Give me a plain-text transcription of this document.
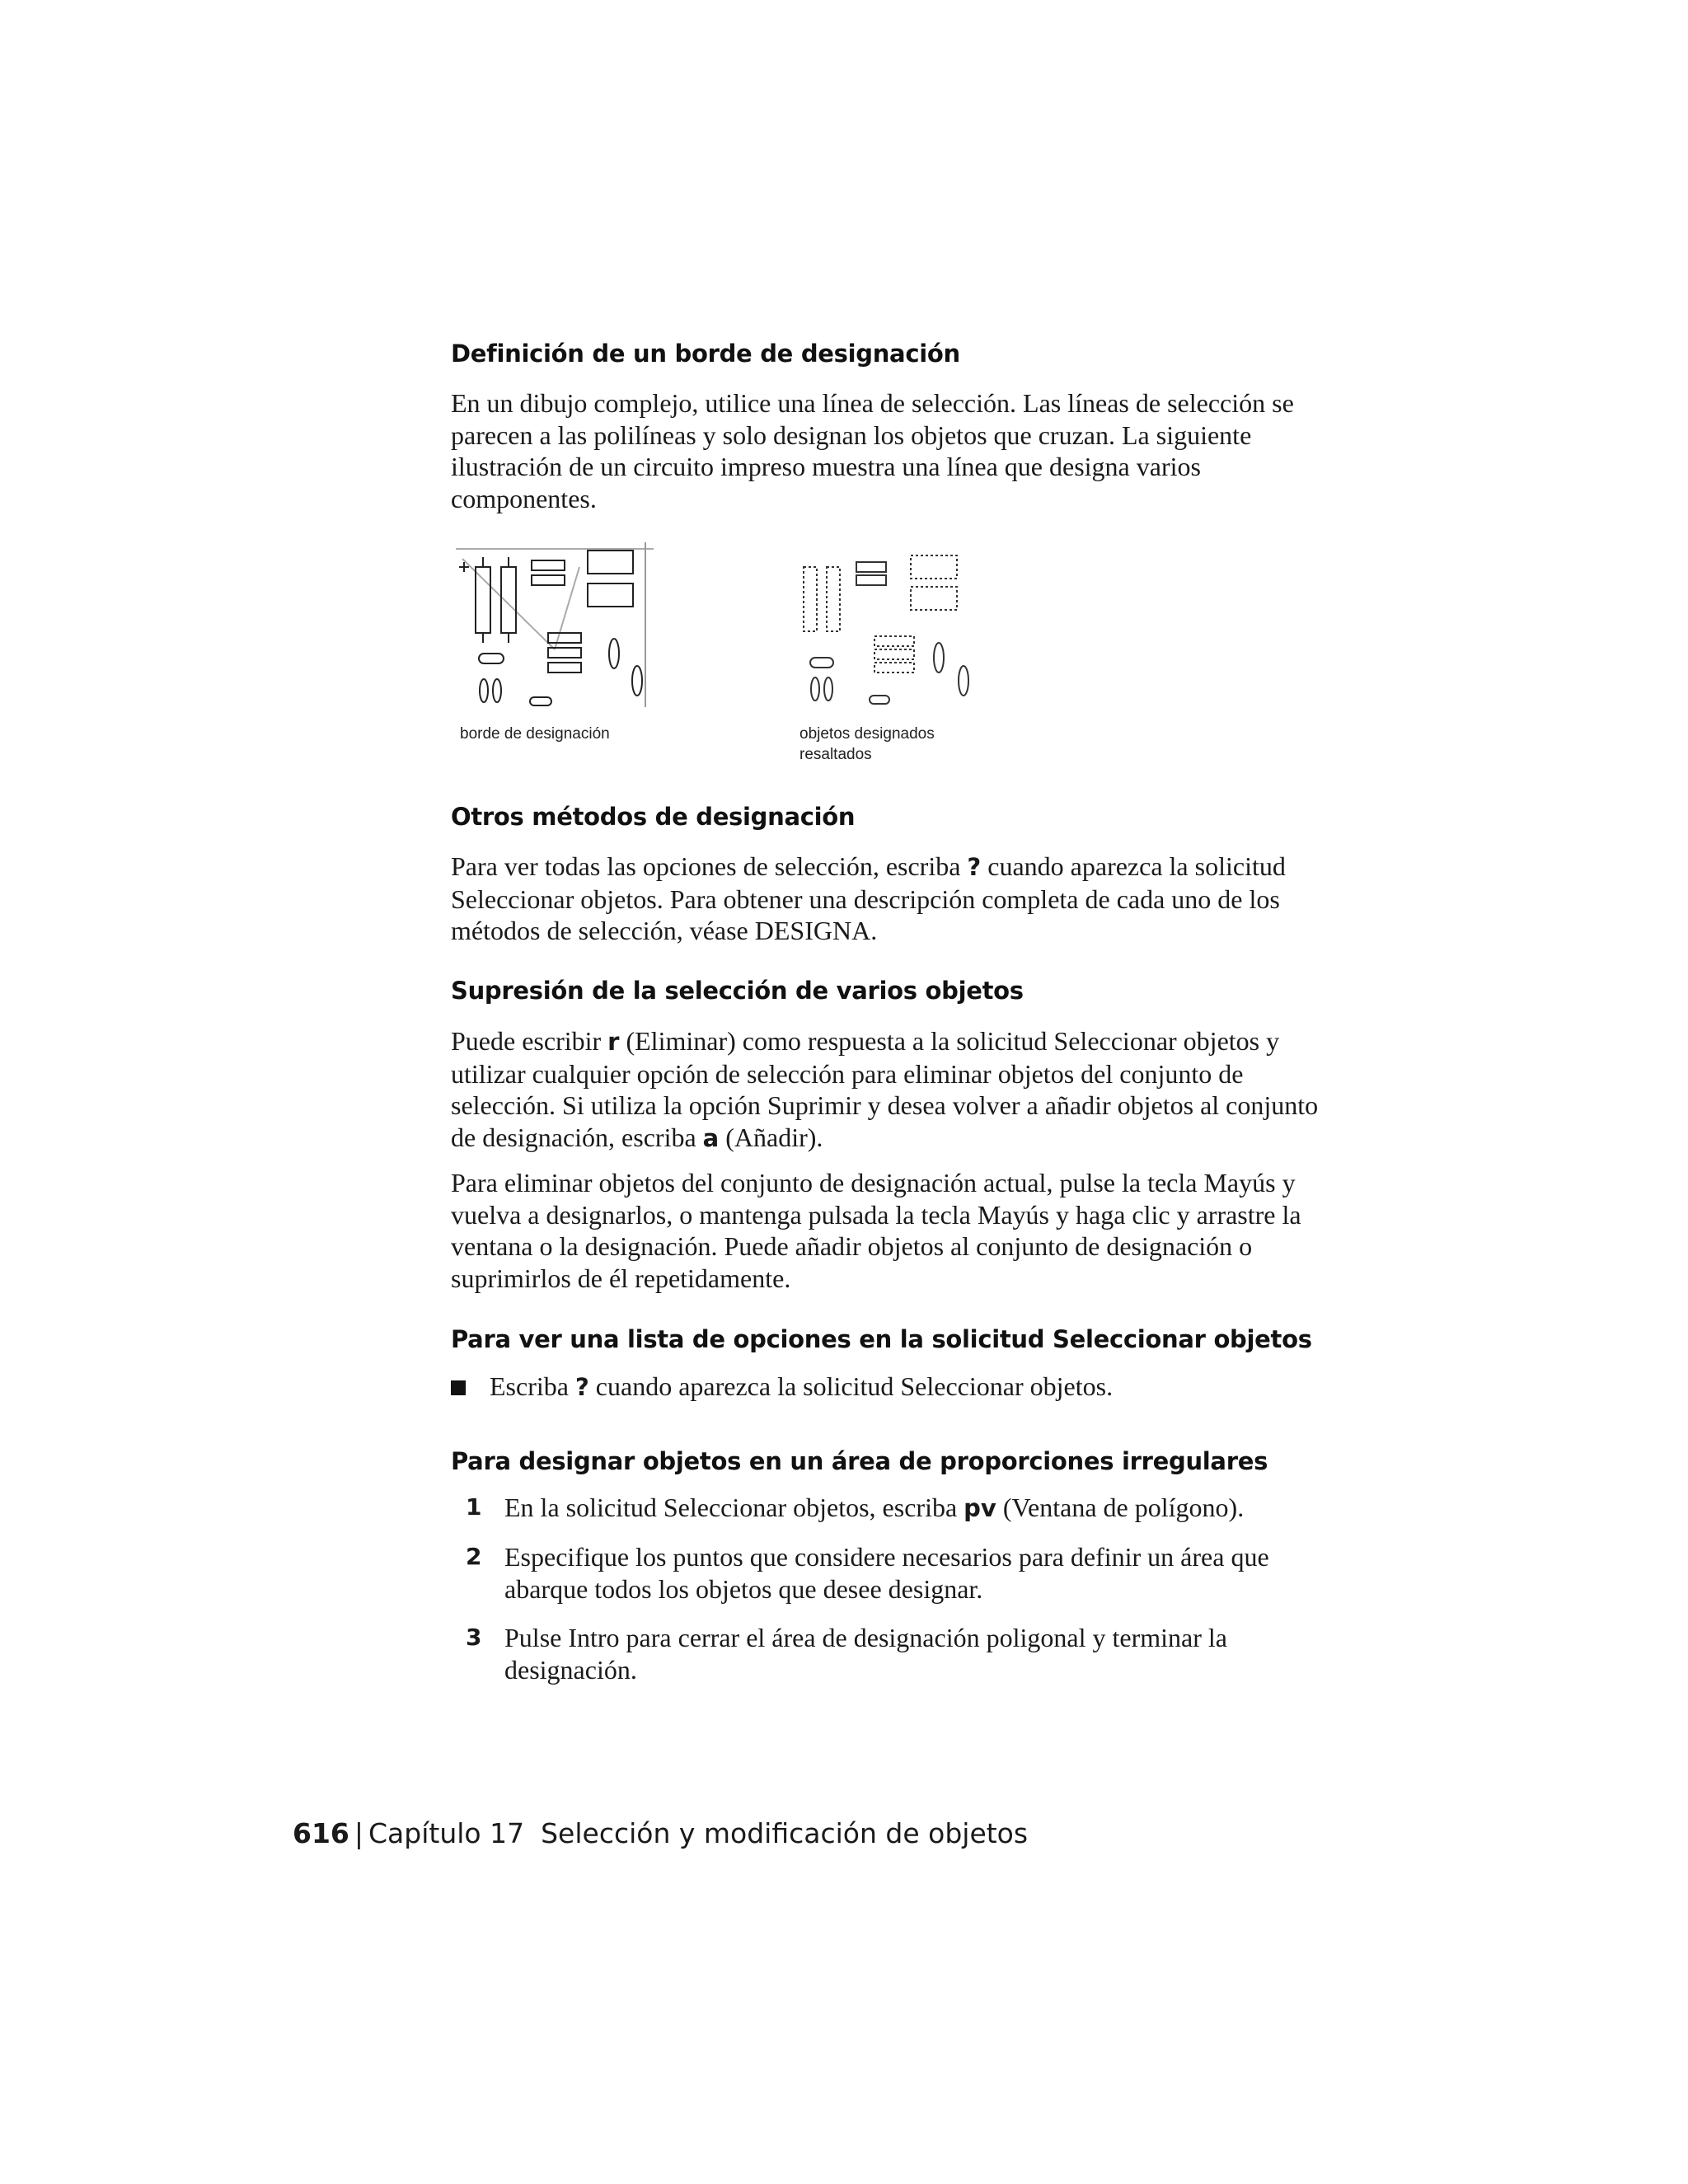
Definición de un borde de designación

En un dibujo complejo, utilice una línea de selección. Las líneas de selección se parecen a las polilíneas y solo designan los objetos que cruzan. La siguiente ilustración de un circuito impreso muestra una línea que designa varios componentes.

borde de designación	objetos designados
resaltados

Otros métodos de designación

Para ver todas las opciones de selección, escriba ? cuando aparezca la solicitud Seleccionar objetos. Para obtener una descripción completa de cada uno de los métodos de selección, véase DESIGNA.

Supresión de la selección de varios objetos

Puede escribir r (Eliminar) como respuesta a la solicitud Seleccionar objetos y utilizar cualquier opción de selección para eliminar objetos del conjunto de selección. Si utiliza la opción Suprimir y desea volver a añadir objetos al conjunto de designación, escriba a (Añadir).

Para eliminar objetos del conjunto de designación actual, pulse la tecla Mayús y vuelva a designarlos, o mantenga pulsada la tecla Mayús y haga clic y arrastre la ventana o la designación. Puede añadir objetos al conjunto de designación o suprimirlos de él repetidamente.

Para ver una lista de opciones en la solicitud Seleccionar objetos
Escriba ? cuando aparezca la solicitud Seleccionar objetos.
Para designar objetos en un área de proporciones irregulares
1 En la solicitud Seleccionar objetos, escriba pv (Ventana de polígono).
2 Especifique los puntos que considere necesarios para definir un área que abarque todos los objetos que desee designar.
3 Pulse Intro para cerrar el área de designación poligonal y terminar la designación.
616 | Capítulo 17 Selección y modificación de objetos
